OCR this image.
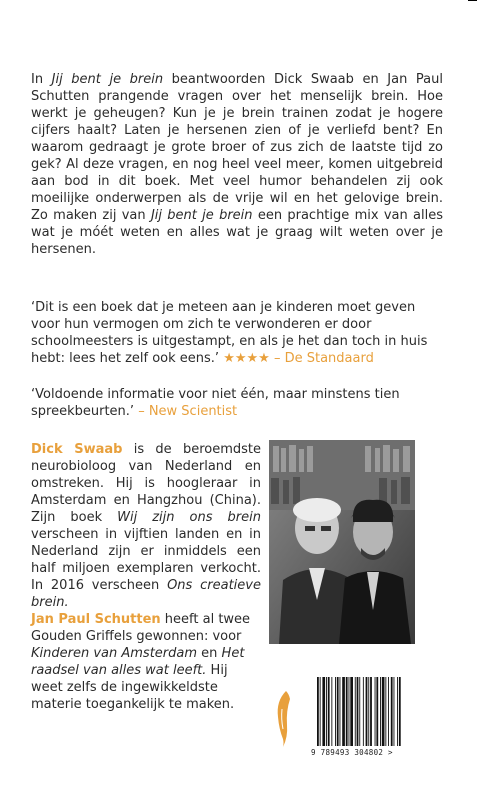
In Jij bent je brein beantwoorden Dick Swaab en Jan Paul Schutten prangende vragen over het menselijk brein. Hoe werkt je geheugen? Kun je je brein trainen zodat je hogere cijfers haalt? Laten je hersenen zien of je verliefd bent? En waarom gedraagt je grote broer of zus zich de laatste tijd zo gek? Al deze vragen, en nog heel veel meer, komen uitgebreid aan bod in dit boek. Met veel humor behandelen zij ook moeilijke onderwerpen als de vrije wil en het gelovige brein. Zo maken zij van Jij bent je brein een prachtige mix van alles wat je móét weten en alles wat je graag wilt weten over je hersenen.
‘Dit is een boek dat je meteen aan je kinderen moet geven voor hun vermogen om zich te verwonderen er door schoolmeesters is uitgestampt, en als je het dan toch in huis hebt: lees het zelf ook eens.’ ★★★★ – De Standaard
‘Voldoende informatie voor niet één, maar minstens tien spreekbeurten.’ – New Scientist
Dick Swaab is de beroemdste neurobioloog van Nederland en omstreken. Hij is hoogleraar in Amsterdam en Hangzhou (China). Zijn boek Wij zijn ons brein verscheen in vijftien landen en in Nederland zijn er inmiddels een half miljoen exemplaren verkocht. In 2016 verscheen Ons creatieve brein.
Jan Paul Schutten heeft al twee Gouden Griffels gewonnen: voor Kinderen van Amsterdam en Het raadsel van alles wat leeft. Hij weet zelfs de ingewikkeldste materie toegankelijk te maken.
9 789493 304802 >
